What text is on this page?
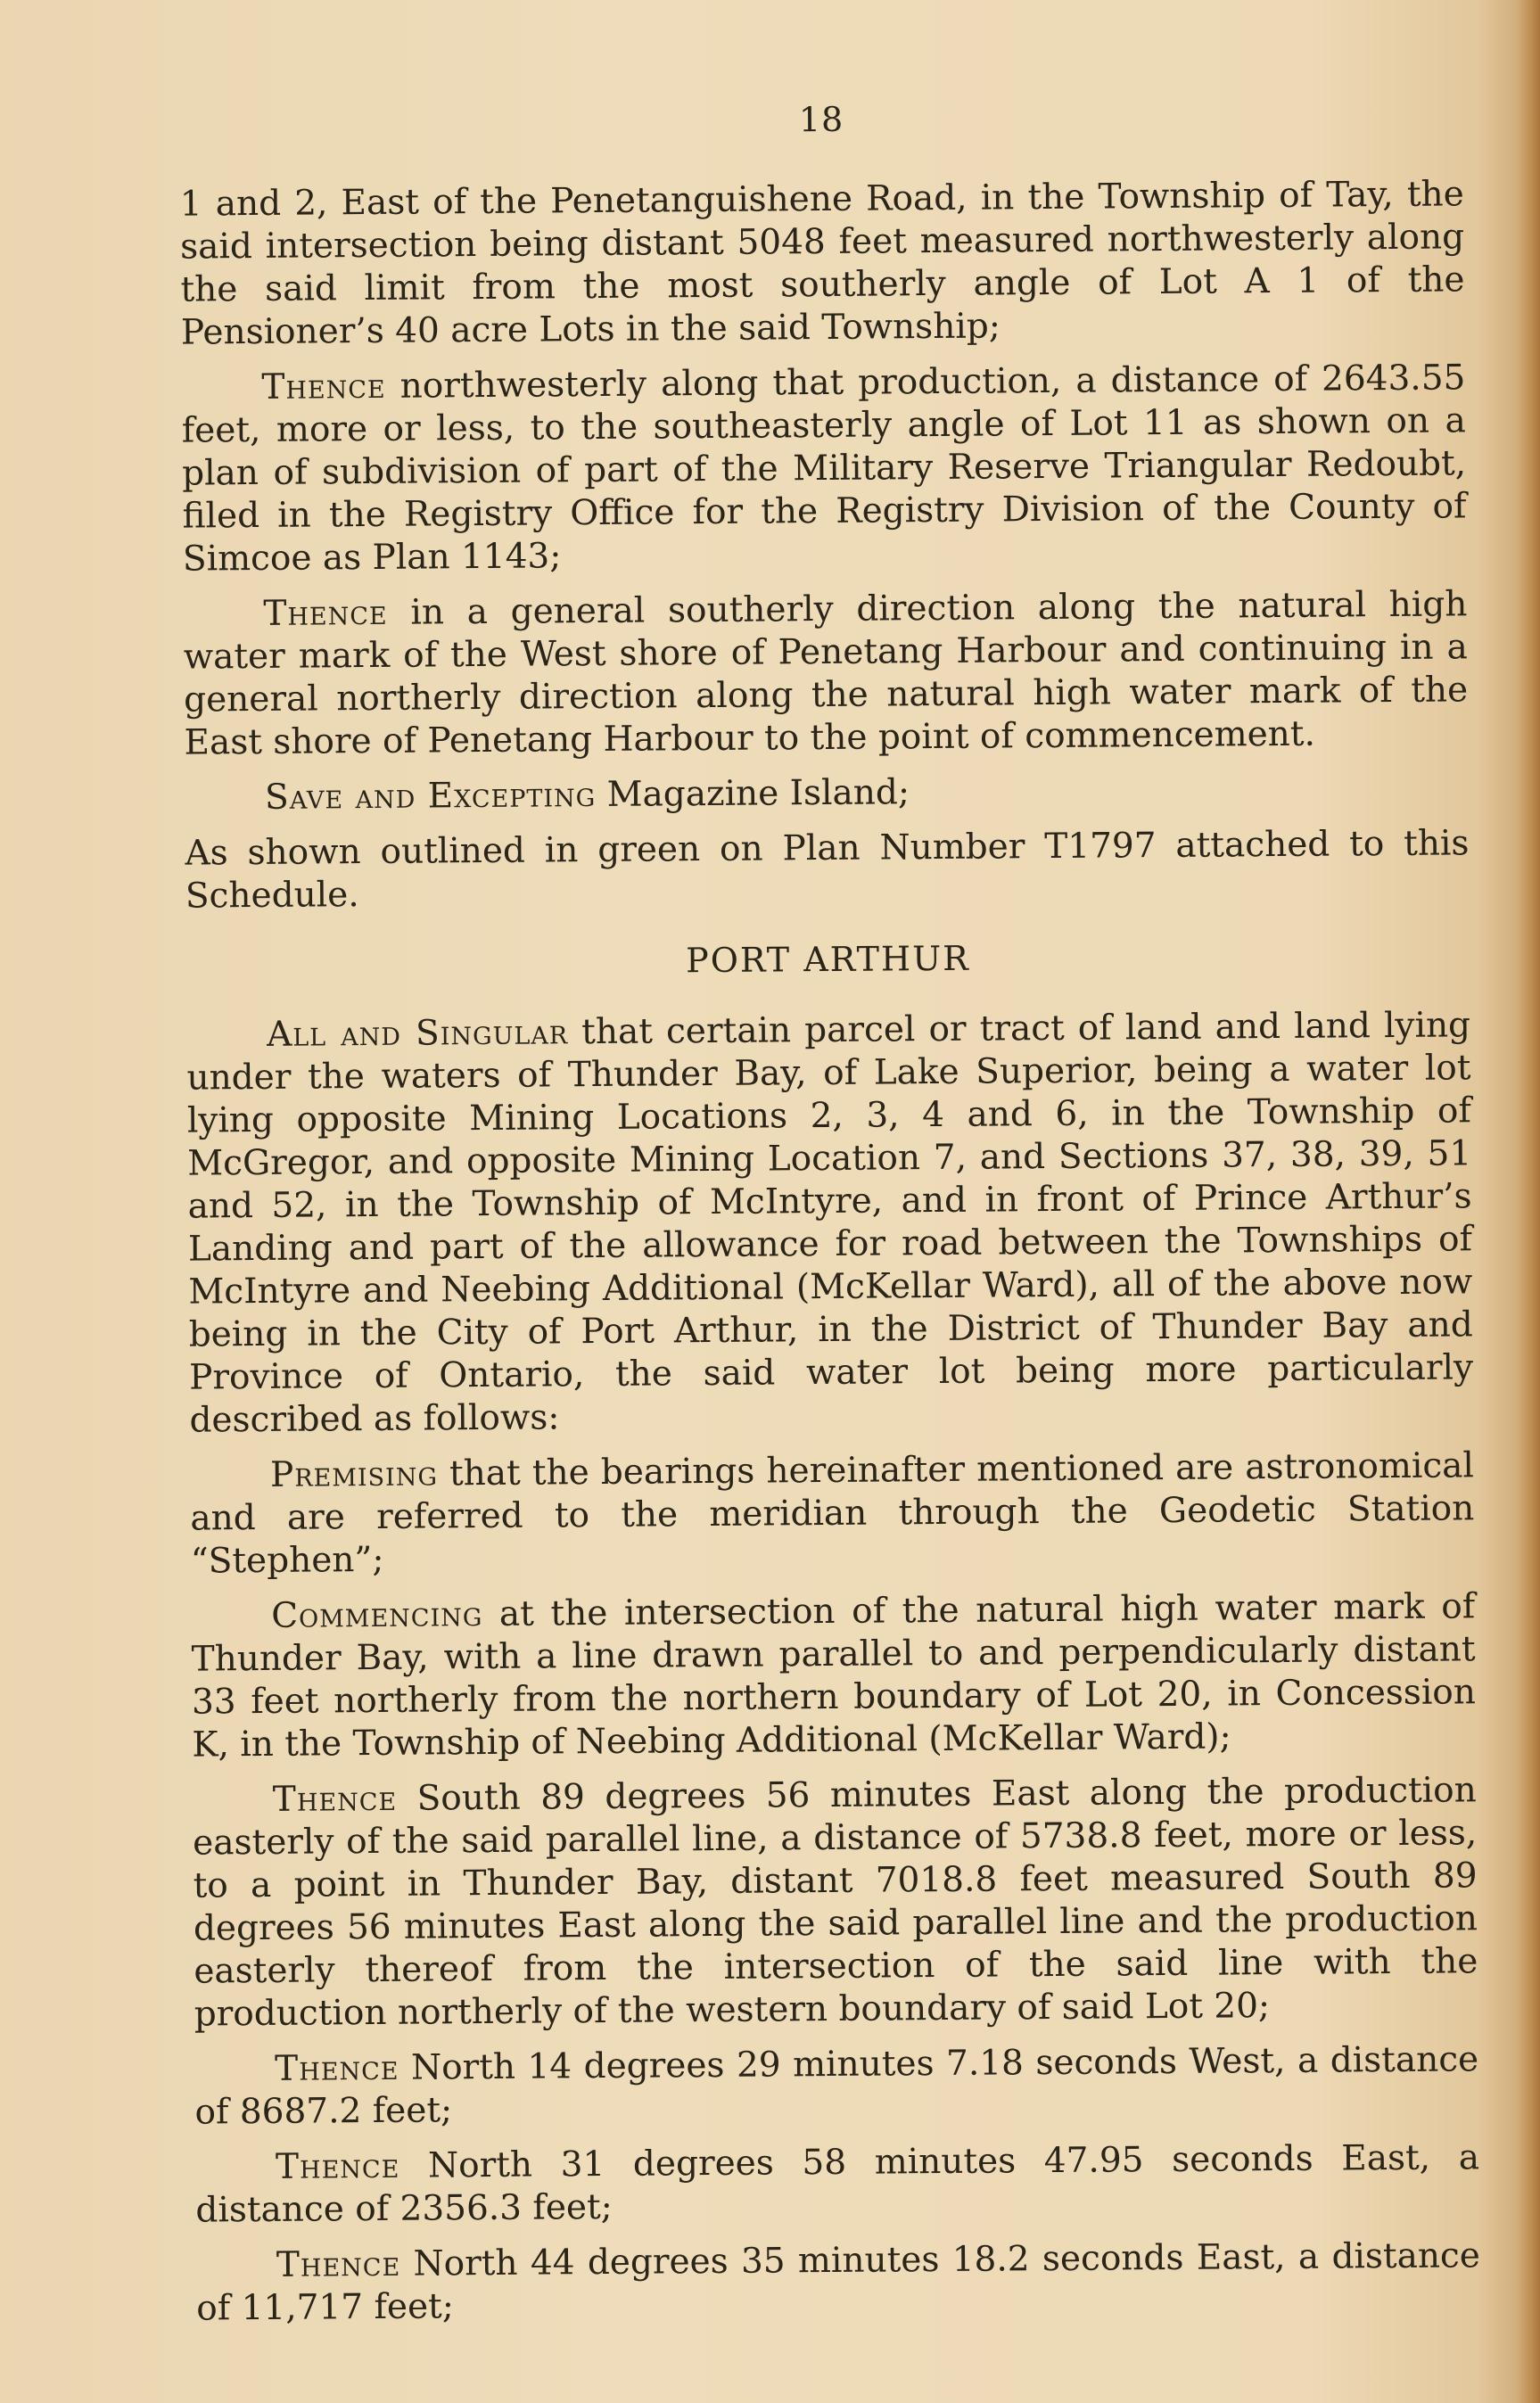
18

1 and 2, East of the Penetanguishene Road, in the Township of Tay, the said intersection being distant 5048 feet measured northwesterly along the said limit from the most southerly angle of Lot A 1 of the Pensioner’s 40 acre Lots in the said Township;

Thence northwesterly along that production, a distance of 2643.55 feet, more or less, to the southeasterly angle of Lot 11 as shown on a plan of subdivision of part of the Military Reserve Triangular Redoubt, filed in the Registry Office for the Registry Division of the County of Simcoe as Plan 1143;

Thence in a general southerly direction along the natural high water mark of the West shore of Penetang Harbour and continuing in a general northerly direction along the natural high water mark of the East shore of Penetang Harbour to the point of commencement.

Save and Excepting Magazine Island;

As shown outlined in green on Plan Number T1797 attached to this Schedule.

PORT ARTHUR

All and Singular that certain parcel or tract of land and land lying under the waters of Thunder Bay, of Lake Superior, being a water lot lying opposite Mining Locations 2, 3, 4 and 6, in the Township of McGregor, and opposite Mining Location 7, and Sections 37, 38, 39, 51 and 52, in the Township of McIntyre, and in front of Prince Arthur’s Landing and part of the allowance for road between the Townships of McIntyre and Neebing Additional (McKellar Ward), all of the above now being in the City of Port Arthur, in the District of Thunder Bay and Province of Ontario, the said water lot being more particularly described as follows:

Premising that the bearings hereinafter mentioned are astronomical and are referred to the meridian through the Geodetic Station “Stephen”;

Commencing at the intersection of the natural high water mark of Thunder Bay, with a line drawn parallel to and perpendicularly distant 33 feet northerly from the northern boundary of Lot 20, in Concession K, in the Township of Neebing Additional (McKellar Ward);

Thence South 89 degrees 56 minutes East along the production easterly of the said parallel line, a distance of 5738.8 feet, more or less, to a point in Thunder Bay, distant 7018.8 feet measured South 89 degrees 56 minutes East along the said parallel line and the production easterly thereof from the intersection of the said line with the production northerly of the western boundary of said Lot 20;

Thence North 14 degrees 29 minutes 7.18 seconds West, a distance of 8687.2 feet;

Thence North 31 degrees 58 minutes 47.95 seconds East, a distance of 2356.3 feet;

Thence North 44 degrees 35 minutes 18.2 seconds East, a distance of 11,717 feet;
